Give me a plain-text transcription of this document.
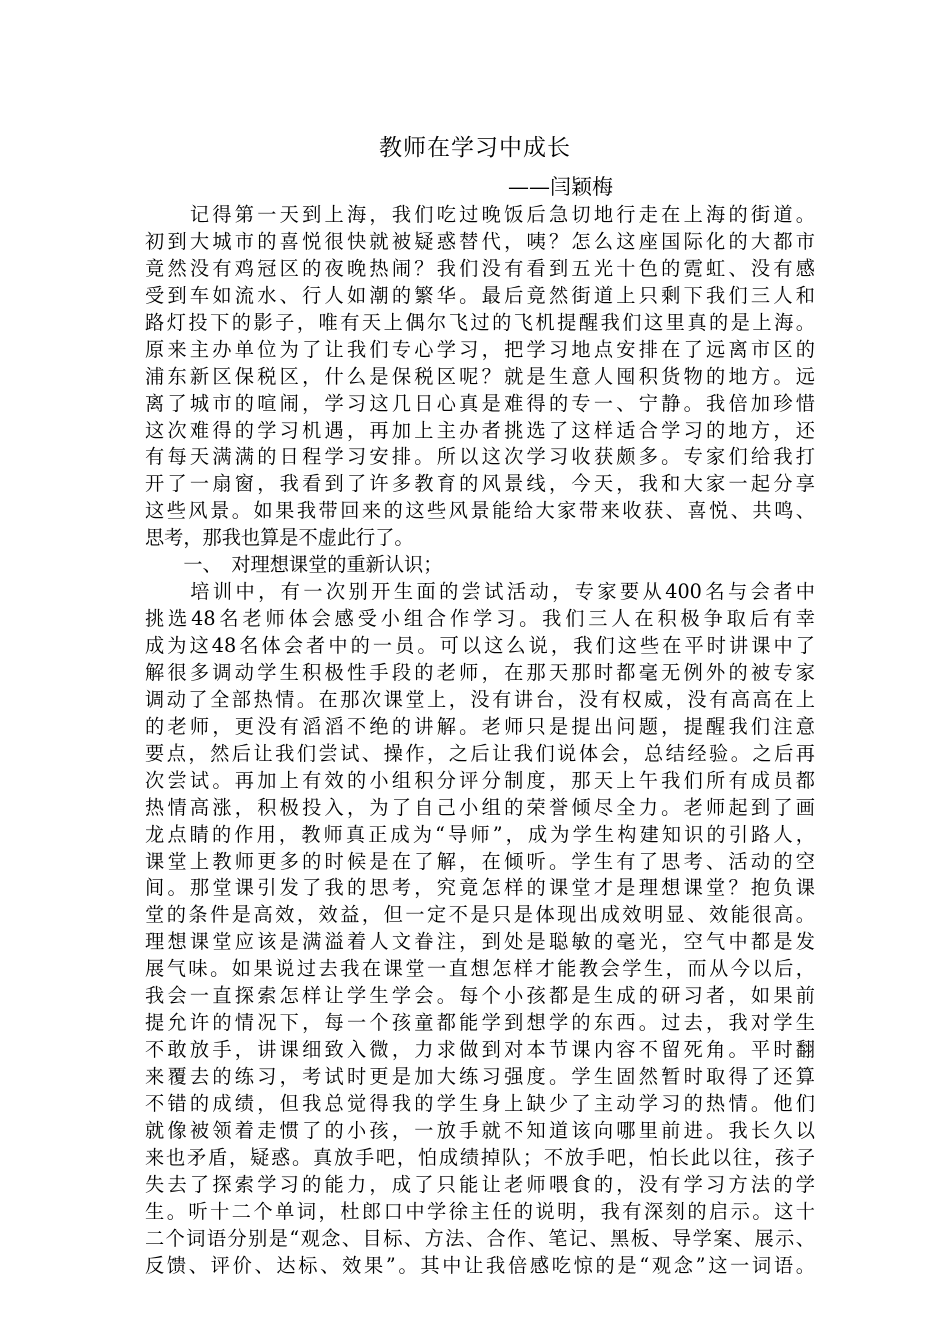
教师在学习中成长
——闫颖梅
　　记得第一天到上海，我们吃过晚饭后急切地行走在上海的街道。
初到大城市的喜悦很快就被疑惑替代，咦？怎么这座国际化的大都市
竟然没有鸡冠区的夜晚热闹？我们没有看到五光十色的霓虹、没有感
受到车如流水、行人如潮的繁华。最后竟然街道上只剩下我们三人和
路灯投下的影子，唯有天上偶尔飞过的飞机提醒我们这里真的是上海。
原来主办单位为了让我们专心学习，把学习地点安排在了远离市区的
浦东新区保税区，什么是保税区呢？就是生意人囤积货物的地方。远
离了城市的喧闹，学习这几日心真是难得的专一、宁静。我倍加珍惜
这次难得的学习机遇，再加上主办者挑选了这样适合学习的地方，还
有每天满满的日程学习安排。所以这次学习收获颇多。专家们给我打
开了一扇窗，我看到了许多教育的风景线，今天，我和大家一起分享
这些风景。如果我带回来的这些风景能给大家带来收获、喜悦、共鸣、
思考，那我也算是不虚此行了。
　　一、　对理想课堂的重新认识；
　　培训中，有一次别开生面的尝试活动，专家要从400名与会者中
挑选48名老师体会感受小组合作学习。我们三人在积极争取后有幸
成为这48名体会者中的一员。可以这么说，我们这些在平时讲课中了
解很多调动学生积极性手段的老师，在那天那时都毫无例外的被专家
调动了全部热情。在那次课堂上，没有讲台，没有权威，没有高高在上
的老师，更没有滔滔不绝的讲解。老师只是提出问题，提醒我们注意
要点，然后让我们尝试、操作，之后让我们说体会，总结经验。之后再
次尝试。再加上有效的小组积分评分制度，那天上午我们所有成员都
热情高涨，积极投入，为了自己小组的荣誉倾尽全力。老师起到了画
龙点睛的作用，教师真正成为“导师”，成为学生构建知识的引路人，
课堂上教师更多的时候是在了解，在倾听。学生有了思考、活动的空
间。那堂课引发了我的思考，究竟怎样的课堂才是理想课堂？抱负课
堂的条件是高效，效益，但一定不是只是体现出成效明显、效能很高。
理想课堂应该是满溢着人文眷注，到处是聪敏的毫光，空气中都是发
展气味。如果说过去我在课堂一直想怎样才能教会学生，而从今以后，
我会一直探索怎样让学生学会。每个小孩都是生成的研习者，如果前
提允许的情况下，每一个孩童都能学到想学的东西。过去，我对学生
不敢放手，讲课细致入微，力求做到对本节课内容不留死角。平时翻
来覆去的练习，考试时更是加大练习强度。学生固然暂时取得了还算
不错的成绩，但我总觉得我的学生身上缺少了主动学习的热情。他们
就像被领着走惯了的小孩，一放手就不知道该向哪里前进。我长久以
来也矛盾，疑惑。真放手吧，怕成绩掉队；不放手吧，怕长此以往，孩子
失去了探索学习的能力，成了只能让老师喂食的，没有学习方法的学
生。听十二个单词，杜郎口中学徐主任的说明，我有深刻的启示。这十
二个词语分别是“观念、目标、方法、合作、笔记、黑板、导学案、展示、
反馈、评价、达标、效果”。其中让我倍感吃惊的是“观念”这一词语。
